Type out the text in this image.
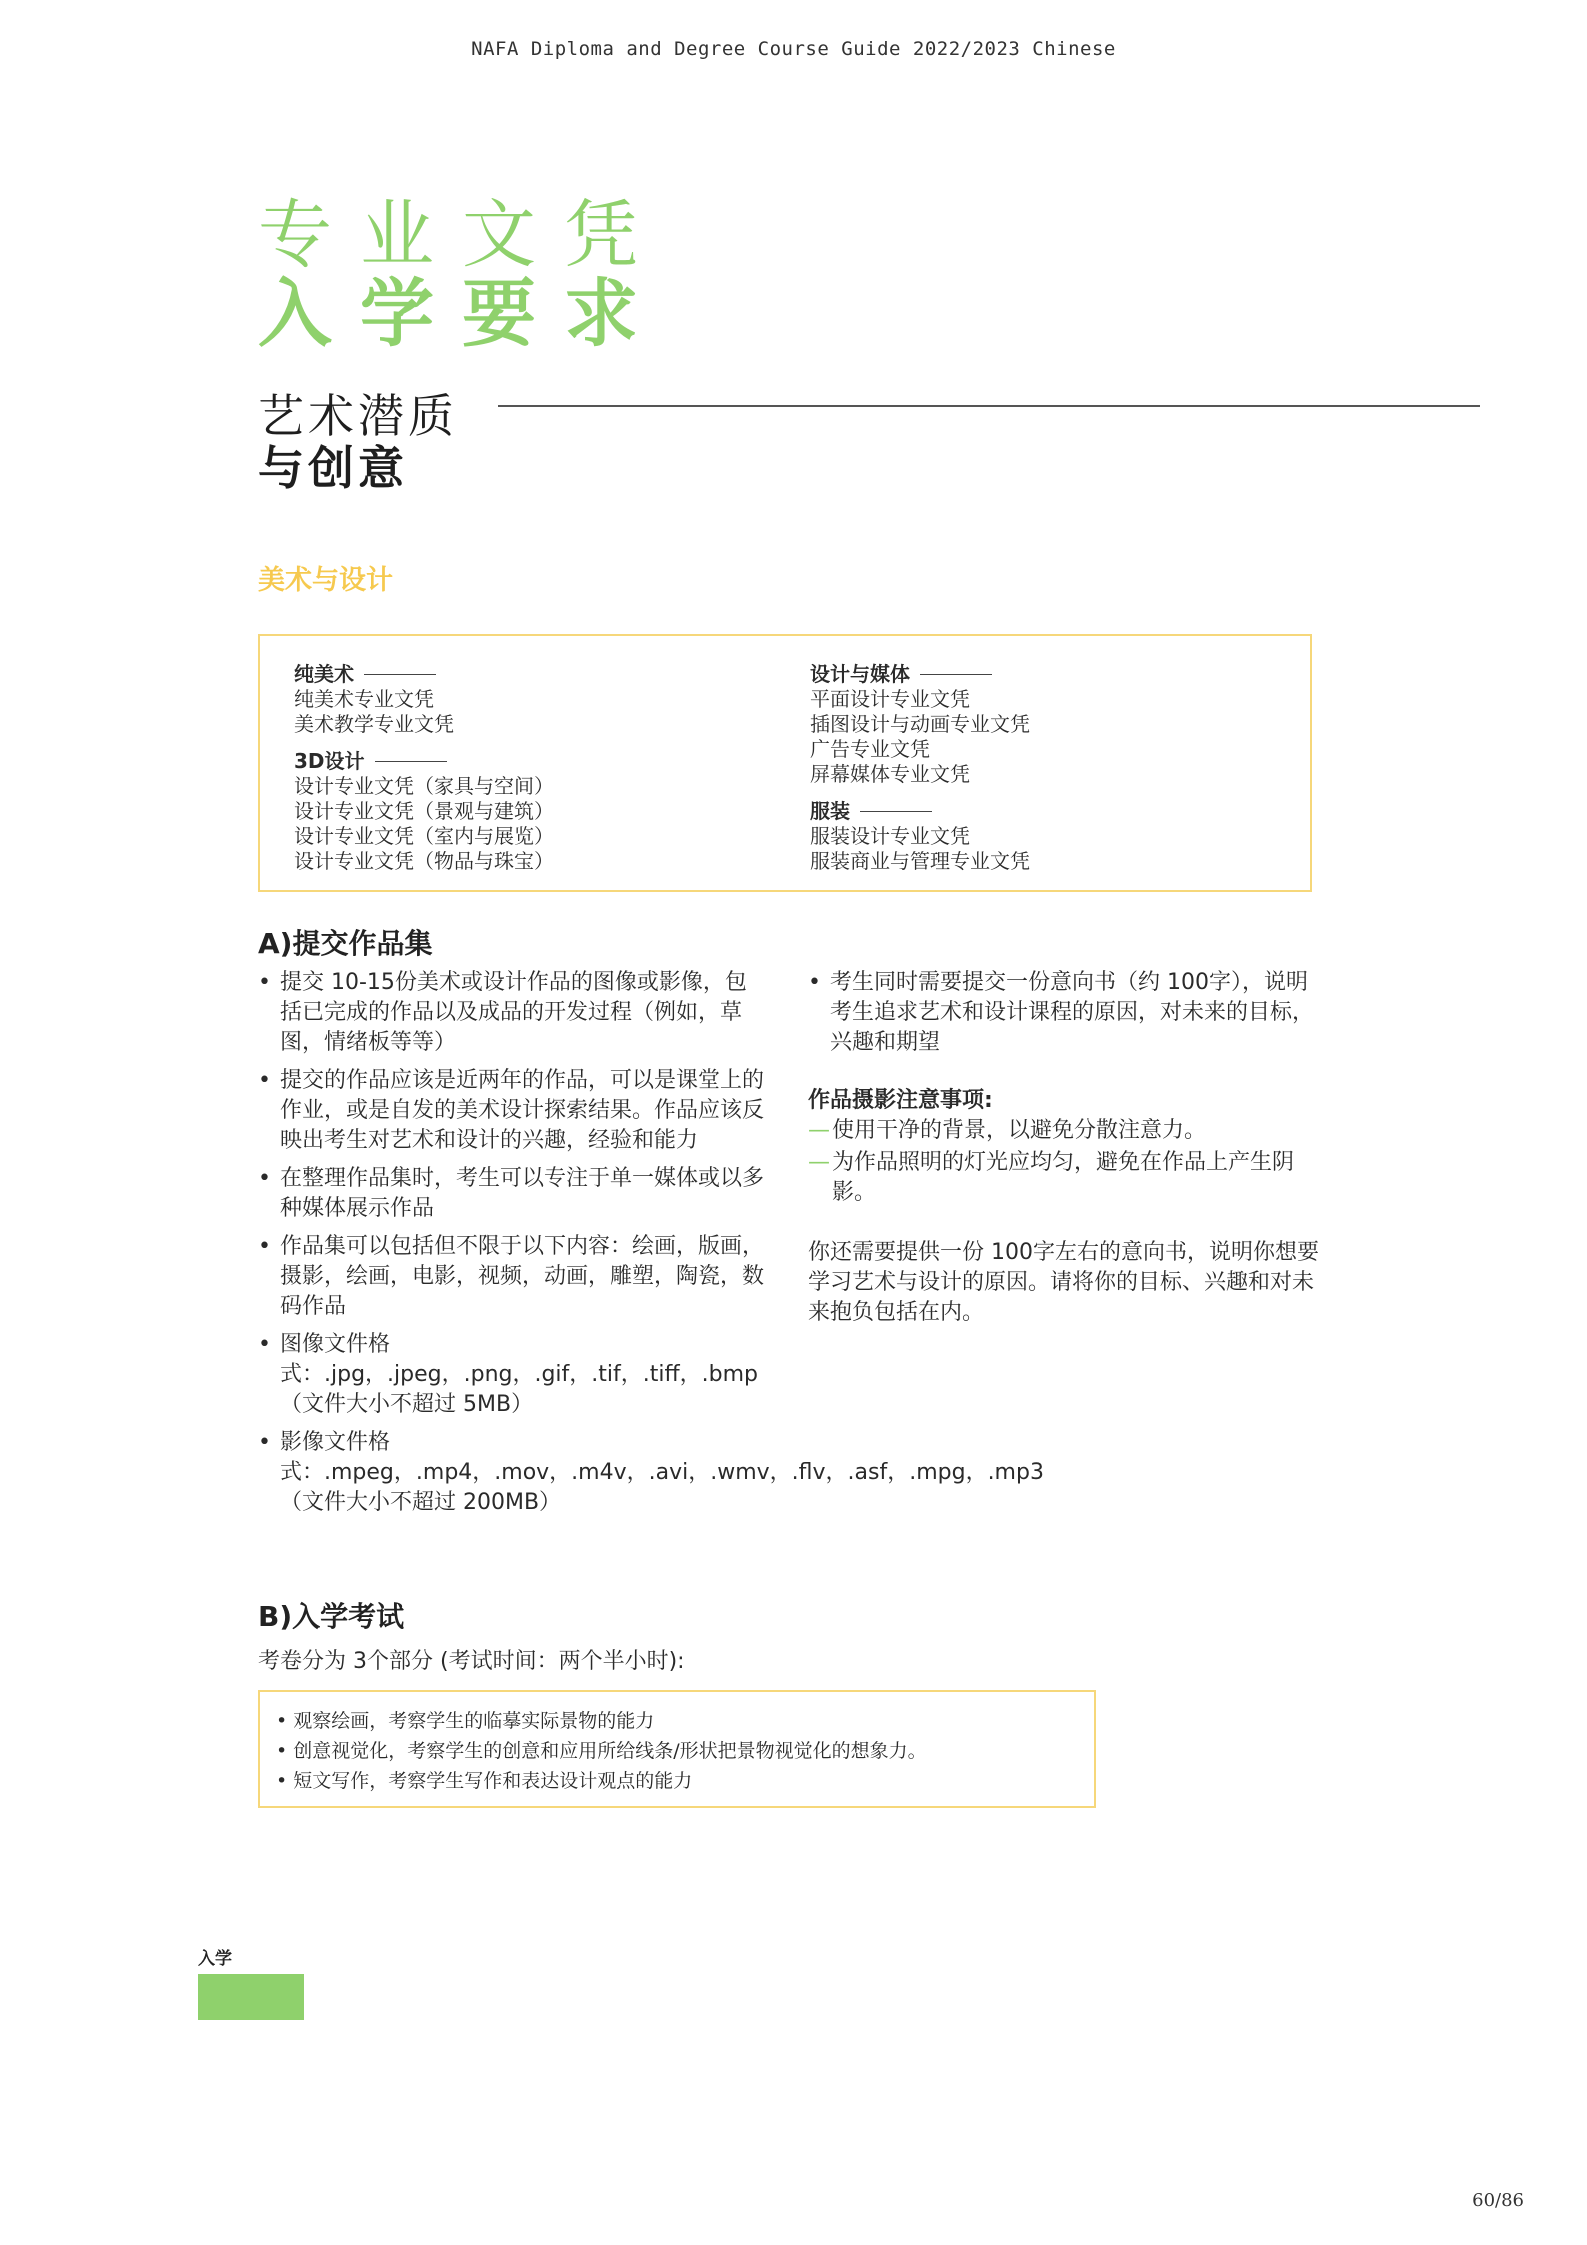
NAFA Diploma and Degree Course Guide 2022/2023 Chinese
专业文凭
入学要求
艺术潜质
与创意
美术与设计
纯美术
纯美术专业文凭
美术教学专业文凭
3D设计
设计专业文凭（家具与空间）
设计专业文凭（景观与建筑）
设计专业文凭（室内与展览）
设计专业文凭（物品与珠宝）
设计与媒体
平面设计专业文凭
插图设计与动画专业文凭
广告专业文凭
屏幕媒体专业文凭
服装
服装设计专业文凭
服装商业与管理专业文凭
A)提交作品集
• 提交 10-15份美术或设计作品的图像或影像，包括已完成的作品以及成品的开发过程（例如，草图，情绪板等等）
• 提交的作品应该是近两年的作品，可以是课堂上的作业，或是自发的美术设计探索结果。作品应该反映出考生对艺术和设计的兴趣，经验和能力
• 在整理作品集时，考生可以专注于单一媒体或以多种媒体展示作品
• 作品集可以包括但不限于以下内容：绘画，版画，摄影，绘画，电影，视频，动画，雕塑，陶瓷，数码作品
• 图像文件格式：.jpg，.jpeg，.png，.gif，.tif，.tiff，.bmp（文件大小不超过 5MB）
• 影像文件格式：.mpeg，.mp4，.mov，.m4v，.avi，.wmv，.flv，.asf，.mpg，.mp3（文件大小不超过 200MB）
• 考生同时需要提交一份意向书（约 100字），说明考生追求艺术和设计课程的原因，对未来的目标，兴趣和期望
作品摄影注意事项:
— 使用干净的背景，以避免分散注意力。
— 为作品照明的灯光应均匀，避免在作品上产生阴影。
你还需要提供一份 100字左右的意向书，说明你想要学习艺术与设计的原因。请将你的目标、兴趣和对未来抱负包括在内。
B)入学考试
考卷分为 3个部分 (考试时间：两个半小时):
• 观察绘画，考察学生的临摹实际景物的能力
• 创意视觉化，考察学生的创意和应用所给线条/形状把景物视觉化的想象力。
• 短文写作，考察学生写作和表达设计观点的能力
入学
60/86
